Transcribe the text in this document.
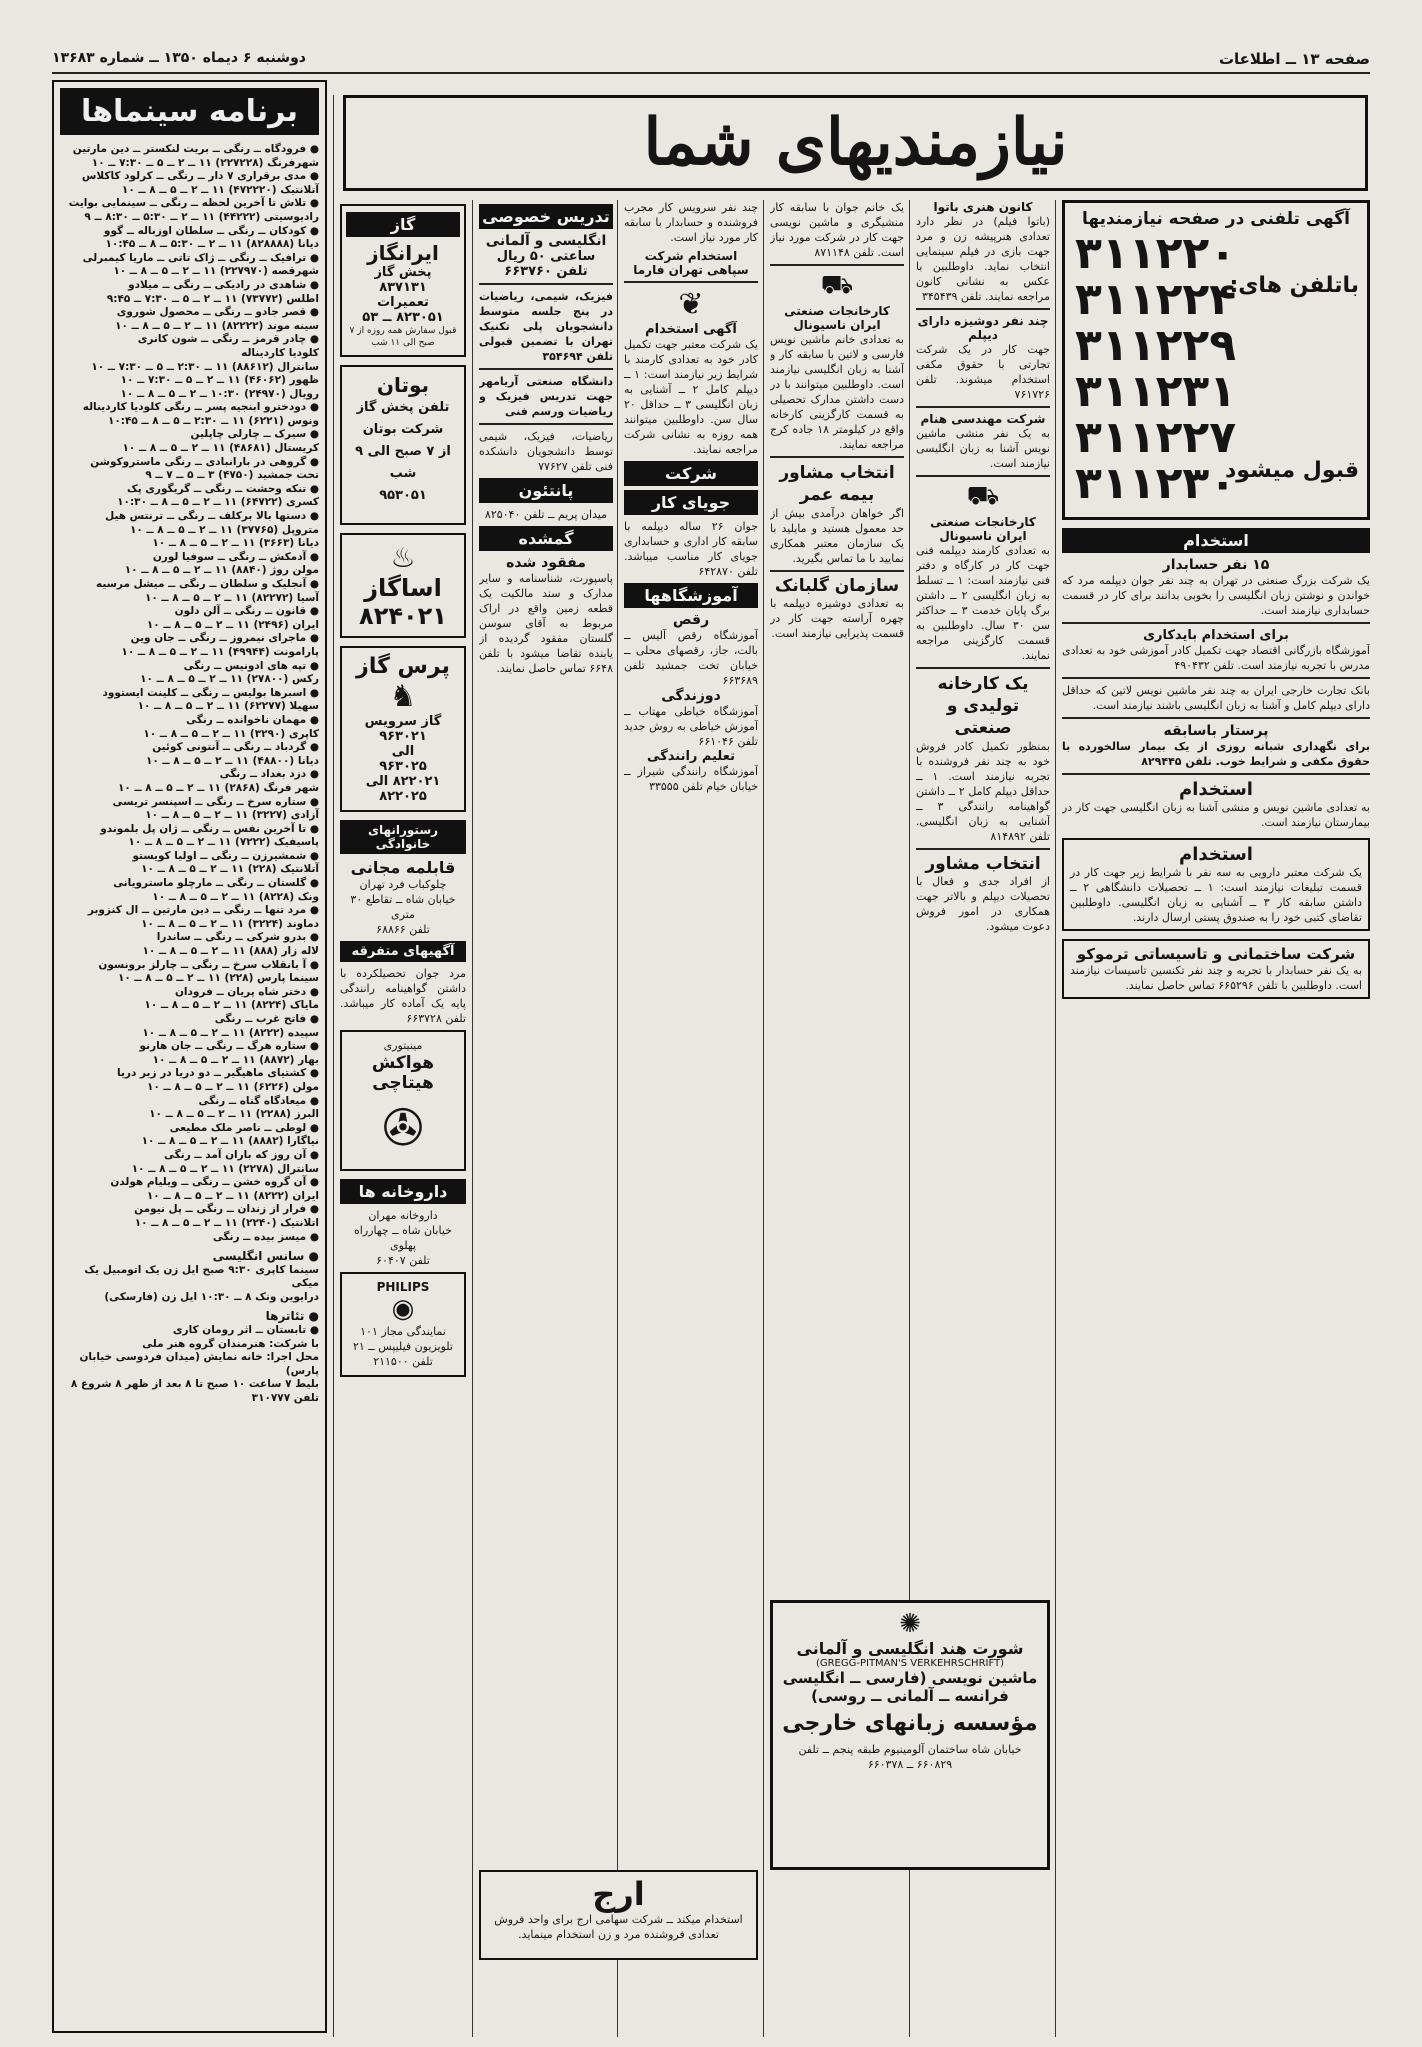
صفحه ۱۳ ــ اطلاعات
دوشنبه ۶ دیماه ۱۳۵۰ ــ شماره ۱۳۶۸۳
نیازمندیهای شما
برنامه سینماها
● فرودگاه ــ رنگی ــ بریت لنکستر ــ دین مارتین
شهرفرنگ (۲۲۷۲۲۸) ۱۱ ــ ۲ ــ ۵ ــ ۷:۳۰ ــ ۱۰
● مدی برقراری ۷ دار ــ رنگی ــ کرلود کاکلاس
آتلانتیک (۴۷۲۲۲۰) ۱۱ ــ ۲ ــ ۵ ــ ۸ ــ ۱۰
● تلاش تا آخرین لحظه ــ رنگی ــ سینمایی بوایت
رادیوسیتی (۴۴۲۲۲) ۱۱ ــ ۲ ــ ۵:۳۰ ــ ۸:۳۰ ــ ۹
● کودکان ــ رنگی ــ سلطان اوزباله ــ گوو
دیانا (۸۲۸۸۸۸) ۱۱ ــ ۲ ــ ۵:۳۰ ــ ۸ ــ ۱۰:۴۵
● ترافیک ــ رنگی ــ ژاک تاتی ــ ماریا کیمبرلی
شهرقصه (۲۲۷۹۷۰) ۱۱ ــ ۲ ــ ۵ ــ ۸ ــ ۱۰
● شاهدی در رادیکی ــ رنگی ــ میلادو
اطلس (۷۳۷۷۲) ۱۱ ــ ۲ ــ ۵ ــ ۷:۳۰ ــ ۹:۴۵
● قصر جادو ــ رنگی ــ محصول شوروی
سینه موند (۸۲۲۲۲) ۱۱ ــ ۲ ــ ۵ ــ ۸ ــ ۱۰
● چادر قرمز ــ رنگی ــ شون کانری
کلودیا کاردیناله
سانترال (۸۸۶۱۲) ۱۱ ــ ۲:۳۰ ــ ۵ ــ ۷:۳۰ ــ ۱۰
ظهور (۴۶۰۶۲) ۱۱ ــ ۲ ــ ۵ ــ ۷:۳۰ ــ ۱۰
رویال (۲۴۹۷۰) ۱۰:۳۰ ــ ۲ ــ ۵ ــ ۸ ــ ۱۰
● دودخترو ابنجیه پسر ــ رنگی کلودیا کاردیناله
ونوس (۶۲۲۱) ۱۱ ــ ۲:۳۰ ــ ۵ ــ ۸ ــ ۱۰:۴۵
● سیرک ــ چارلی چاپلین
کریستال (۴۸۶۸۱) ۱۱ ــ ۲ ــ ۵ ــ ۸ ــ ۱۰
● گروهی در بارانبادی ــ رنگی ماستروکوشن
تحت جمشید (۴۷۵۰) ۳ ــ ۵ ــ ۷ ــ ۹
● تنکه وحشت ــ رنگی ــ گریگوری پک
کسری (۶۴۷۲۲) ۱۱ ــ ۲ ــ ۵ ــ ۸ ــ ۱۰:۳۰
● دستها بالا برکلف ــ رنگی ــ ترنتس هیل
متروپل (۳۷۷۶۵) ۱۱ ــ ۲ ــ ۵ ــ ۸ ــ ۱۰
دیانا (۳۶۶۳) ۱۱ ــ ۲ ــ ۵ ــ ۸ ــ ۱۰
● آدمکش ــ رنگی ــ سوفیا لورن
مولن روژ (۸۸۴۰) ۱۱ ــ ۲ ــ ۵ ــ ۸ ــ ۱۰
● آنجلیک و سلطان ــ رنگی ــ میشل مرسیه
آسیا (۸۲۲۷۲) ۱۱ ــ ۲ ــ ۵ ــ ۸ ــ ۱۰
● قانون ــ رنگی ــ آلن دلون
ایران (۲۴۹۶) ۱۱ ــ ۲ ــ ۵ ــ ۸ ــ ۱۰
● ماجرای نیمروز ــ رنگی ــ جان وین
پارامونت (۴۹۹۴۴) ۱۱ ــ ۲ ــ ۵ ــ ۸ ــ ۱۰
● تپه های ادونیس ــ رنگی
رکس (۲۷۸۰۰) ۱۱ ــ ۲ ــ ۵ ــ ۸ ــ ۱۰
● اسبرها بولیس ــ رنگی ــ کلینت ایستوود
سهیلا (۶۲۲۷۷) ۱۱ ــ ۲ ــ ۵ ــ ۸ ــ ۱۰
● مهمان ناخوانده ــ رنگی
کاپری (۳۲۹۰) ۱۱ ــ ۲ ــ ۵ ــ ۸ ــ ۱۰
● گردباد ــ رنگی ــ آنتونی کوئین
دیانا (۴۸۸۰۰) ۱۱ ــ ۲ ــ ۵ ــ ۸ ــ ۱۰
● دزد بغداد ــ رنگی
شهر فرنگ (۲۸۶۸) ۱۱ ــ ۲ ــ ۵ ــ ۸ ــ ۱۰
● ستاره سرخ ــ رنگی ــ اسپنسر تریسی
آزادی (۳۲۲۷) ۱۱ ــ ۲ ــ ۵ ــ ۸ ــ ۱۰
● تا آخرین نفس ــ رنگی ــ ژان پل بلموندو
پاسیفیک (۷۲۲۲) ۱۱ ــ ۲ ــ ۵ ــ ۸ ــ ۱۰
● شمشیرزن ــ رنگی ــ اولیا کویستو
آتلانتیک (۲۲۸) ۱۱ ــ ۲ ــ ۵ ــ ۸ ــ ۱۰
● گلستان ــ رنگی ــ مارچلو ماسترویانی
ونک (۸۲۲۸) ۱۱ ــ ۲ ــ ۵ ــ ۸ ــ ۱۰
● مرد تنها ــ رنگی ــ دین مارتین ــ ال کنزوبر
دماوند (۳۲۲۴) ۱۱ ــ ۲ ــ ۵ ــ ۸ ــ ۱۰
● بدرو شرکی ــ رنگی ــ ساندرا
لاله زار (۸۸۸) ۱۱ ــ ۲ ــ ۵ ــ ۸ ــ ۱۰
● آ بانقلاب سرخ ــ رنگی ــ چارلز برونسون
سینما پارس (۲۲۸) ۱۱ ــ ۲ ــ ۵ ــ ۸ ــ ۱۰
● دختر شاه پریان ــ فرودان
مایاک (۸۲۲۴) ۱۱ ــ ۲ ــ ۵ ــ ۸ ــ ۱۰
● فاتح غرب ــ رنگی
سپیده (۸۲۲۲) ۱۱ ــ ۲ ــ ۵ ــ ۸ ــ ۱۰
● ستاره هرگ ــ رنگی ــ جان هارنو
بهار (۸۸۷۲) ۱۱ ــ ۲ ــ ۵ ــ ۸ ــ ۱۰
● کشتیای ماهیگیر ــ دو دریا در زیر دریا
مولن (۶۲۲۶) ۱۱ ــ ۲ ــ ۵ ــ ۸ ــ ۱۰
● میعادگاه گناه ــ رنگی
البرز (۲۲۸۸) ۱۱ ــ ۲ ــ ۵ ــ ۸ ــ ۱۰
● لوطی ــ ناصر ملک مطیعی
نیاگارا (۸۸۸۲) ۱۱ ــ ۲ ــ ۵ ــ ۸ ــ ۱۰
● آن روز که باران آمد ــ رنگی
سانترال (۲۲۷۸) ۱۱ ــ ۲ ــ ۵ ــ ۸ ــ ۱۰
● آن گروه خشن ــ رنگی ــ ویلیام هولدن
ایران (۸۲۲۲) ۱۱ ــ ۲ ــ ۵ ــ ۸ ــ ۱۰
● فرار از زندان ــ رنگی ــ پل نیومن
اتلانتیک (۲۲۴۰) ۱۱ ــ ۲ ــ ۵ ــ ۸ ــ ۱۰
● میسز بیده ــ رنگی
● سانس انگلیسی
سینما کاپری ۹:۳۰ صبح ایل زن یک اتومبیل یک میکی
درایوین ونک ۸ ــ ۱۰:۳۰ ایل زن (فارسکی)
● تئاترها
● تابستان ــ اثر رومان کاری
با شرکت: هنرمندان گروه هنر ملی
محل اجرا: خانه نمایش (میدان فردوسی خیابان پارس)
بلیط ۷ ساعت ۱۰ صبح تا ۸ بعد از ظهر ۸ شروع ۸
تلفن ۳۱۰۷۷۷
آگهی تلفنی در صفحه نیازمندیها
باتلفن های:
قبول میشود
۳۱۱۲۲۰
۳۱۱۲۲۴
۳۱۱۲۲۹
۳۱۱۲۳۱
۳۱۱۲۲۷
۳۱۱۲۳۰
استخدام
۱۵ نفر حسابدار
یک شرکت بزرگ صنعتی در تهران به چند نفر جوان دیپلمه مرد که خواندن و نوشتن زبان انگلیسی را بخوبی بدانند برای کار در قسمت حسابداری نیازمند است.
برای استخدام بایدکاری
آموزشگاه بازرگانی اقتصاد جهت تکمیل کادر آموزشی خود به تعدادی مدرس با تجربه نیازمند است. تلفن ۴۹۰۴۳۲
بانک تجارت خارجی ایران به چند نفر ماشین نویس لاتین که حداقل دارای دیپلم کامل و آشنا به زبان انگلیسی باشند نیازمند است.
پرستار باسابقه
برای نگهداری شبانه روزی از یک بیمار سالخورده با حقوق مکفی و شرایط خوب. تلفن ۸۲۹۴۴۵
استخدام
به تعدادی ماشین نویس و منشی آشنا به زبان انگلیسی جهت کار در بیمارستان نیازمند است.
استخدام
یک شرکت معتبر دارویی به سه نفر با شرایط زیر جهت کار در قسمت تبلیغات نیازمند است: ۱ ــ تحصیلات دانشگاهی ۲ ــ داشتن سابقه کار ۳ ــ آشنایی به زبان انگلیسی. داوطلبین تقاضای کتبی خود را به صندوق پستی ارسال دارند.
شرکت ساختمانی و تاسیساتی ترموکو
به یک نفر حسابدار با تجربه و چند نفر تکنسین تاسیسات نیازمند است. داوطلبین با تلفن ۶۶۵۲۹۶ تماس حاصل نمایند.
کانون هنری باتوا
(باتوا فیلم) در نظر دارد تعدادی هنرپیشه زن و مرد جهت بازی در فیلم سینمایی انتخاب نماید. داوطلبین با عکس به نشانی کانون مراجعه نمایند. تلفن ۳۴۵۴۳۹
چند نفر دوشیزه دارای دیپلم
جهت کار در یک شرکت تجارتی با حقوق مکفی استخدام میشوند. تلفن ۷۶۱۷۲۶
شرکت مهندسی هنام
به یک نفر منشی ماشین نویس آشنا به زبان انگلیسی نیازمند است.
⛟
کارخانجات صنعتی ایران ناسیونال
به تعدادی کارمند دیپلمه فنی جهت کار در کارگاه و دفتر فنی نیازمند است: ۱ ــ تسلط به زبان انگلیسی ۲ ــ داشتن برگ پایان خدمت ۳ ــ حداکثر سن ۳۰ سال. داوطلبین به قسمت کارگزینی مراجعه نمایند.
یک کارخانه تولیدی و صنعتی
بمنظور تکمیل کادر فروش خود به چند نفر فروشنده با تجربه نیازمند است. ۱ ــ حداقل دیپلم کامل ۲ ــ داشتن گواهینامه رانندگی ۳ ــ آشنایی به زبان انگلیسی. تلفن ۸۱۴۸۹۲
انتخاب مشاور
از افراد جدی و فعال با تحصیلات دیپلم و بالاتر جهت همکاری در امور فروش دعوت میشود.
یک خانم جوان با سابقه کار منشیگری و ماشین نویسی جهت کار در شرکت مورد نیاز است. تلفن ۸۷۱۱۴۸
⛟
کارخانجات صنعتی ایران ناسیونال
به تعدادی خانم ماشین نویس فارسی و لاتین با سابقه کار و آشنا به زبان انگلیسی نیازمند است. داوطلبین میتوانند با در دست داشتن مدارک تحصیلی به قسمت کارگزینی کارخانه واقع در کیلومتر ۱۸ جاده کرج مراجعه نمایند.
انتخاب مشاور بیمه عمر
اگر خواهان درآمدی بیش از حد معمول هستید و مایلید با یک سازمان معتبر همکاری نمایید با ما تماس بگیرید.
سازمان گلبانک
به تعدادی دوشیزه دیپلمه با چهره آراسته جهت کار در قسمت پذیرایی نیازمند است.
✺
شورت هند انگلیسی و آلمانی
(GREGG-PITMAN'S VERKEHRSCHRIFT)
ماشین نویسی (فارسی ــ انگلیسی
فرانسه ــ آلمانی ــ روسی)
مؤسسه زبانهای خارجی
خیابان شاه ساختمان آلومینیوم طبقه پنجم ــ تلفن ۶۶۰۸۲۹ ــ ۶۶۰۳۷۸
چند نفر سرویس کار مجرب فروشنده و حسابدار با سابقه کار مورد نیاز است.
استخدام شرکت سپاهی تهران فارما
❦
آگهی استخدام
یک شرکت معتبر جهت تکمیل کادر خود به تعدادی کارمند با شرایط زیر نیازمند است: ۱ ــ دیپلم کامل ۲ ــ آشنایی به زبان انگلیسی ۳ ــ حداقل ۲۰ سال سن. داوطلبین میتوانند همه روزه به نشانی شرکت مراجعه نمایند.
شرکت
جویای کار
جوان ۲۶ ساله دیپلمه با سابقه کار اداری و حسابداری جویای کار مناسب میباشد. تلفن ۶۴۲۸۷۰
آموزشگاهها
رقص
آموزشگاه رقص آلیس ــ بالت، جاز، رقصهای محلی ــ خیابان تخت جمشید تلفن ۶۶۳۶۸۹
دوزندگی
آموزشگاه خیاطی مهتاب ــ آموزش خیاطی به روش جدید تلفن ۶۶۱۰۴۶
تعلیم رانندگی
آموزشگاه رانندگی شیراز ــ خیابان خیام تلفن ۳۳۵۵۵
تدریس خصوصی
انگلیسی و آلمانی
ساعتی ۵۰ ریال
تلفن ۶۶۳۷۶۰
فیزیک، شیمی، ریاضیات در پنج جلسه متوسط دانشجویان پلی تکنیک تهران با تضمین قبولی تلفن ۳۵۴۶۹۴
دانشگاه صنعتی آریامهر جهت تدریس فیزیک و ریاضیات ورسم فنی
ریاضیات، فیزیک، شیمی توسط دانشجویان دانشکده فنی تلفن ۷۷۶۲۷
پانتئون
میدان پریم ــ تلفن ۸۲۵۰۴۰
گمشده
مفقود شده
پاسپورت، شناسنامه و سایر مدارک و سند مالکیت یک قطعه زمین واقع در اراک مربوط به آقای سوسن گلستان مفقود گردیده از یابنده تقاضا میشود با تلفن ۶۶۴۸ تماس حاصل نمایند.
ارج
استخدام میکند ــ شرکت سهامی ارج برای واحد فروش تعدادی فروشنده مرد و زن استخدام مینماید.
گاز
ایرانگاز
پخش گاز
۸۳۷۱۳۱
تعمیرات
۸۲۳۰۵۱ ــ ۵۳
قبول سفارش همه روزه از ۷ صبح الی ۱۱ شب
بوتان
تلفن پخش گاز
شرکت بوتان
از ۷ صبح الی ۹ شب
۹۵۳۰۵۱
♨
اساگاز
۸۲۴۰۲۱
پرس گاز
♞
گاز سرویس
۹۶۳۰۲۱
الی
۹۶۳۰۲۵
۸۲۲۰۲۱ الی ۸۲۲۰۲۵
رستورانهای خانوادگی
قابلمه مجانی
چلوکباب فرد تهران
خیابان شاه ــ تقاطع ۳۰ متری
تلفن ۶۸۸۶۶
آگهیهای متفرقه
مرد جوان تحصیلکرده با داشتن گواهینامه رانندگی پایه یک آماده کار میباشد. تلفن ۶۶۳۷۲۸
مینیتوری
هواکش هیتاچی
✇
داروخانه ها
داروخانه مهران
خیابان شاه ــ چهارراه پهلوی
تلفن ۶۰۴۰۷
PHILIPS
◉
نمایندگی مجاز ۱۰۱
تلویزیون فیلیپس ــ ۲۱
تلفن ۲۱۱۵۰۰
